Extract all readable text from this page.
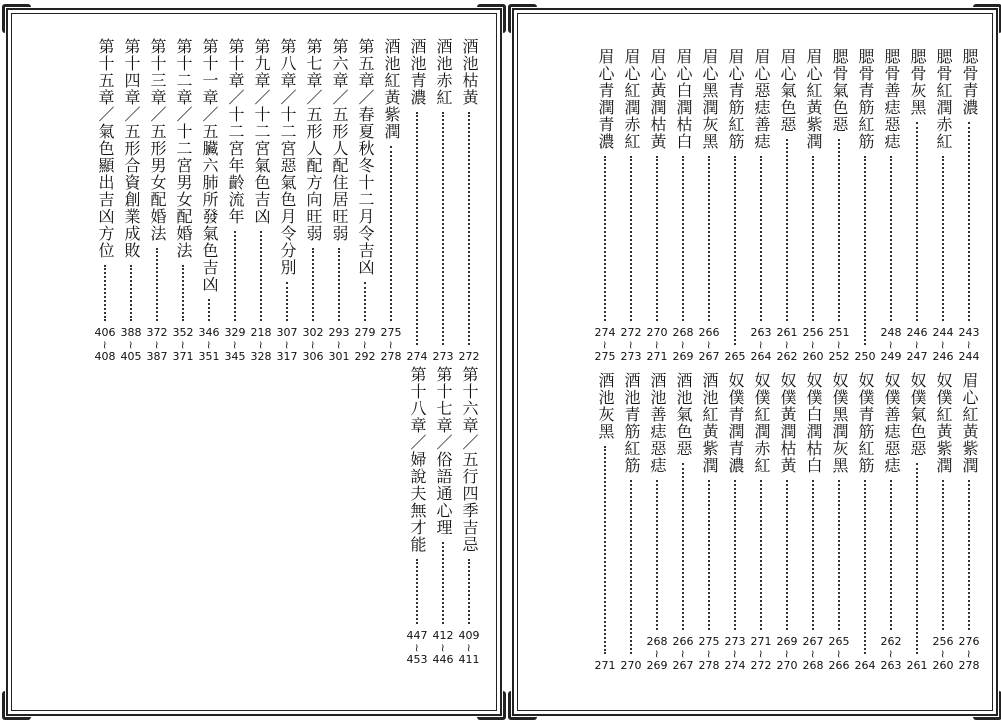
酒池枯黃
272
酒池赤紅
273
酒池青濃
274
酒池紅黃紫潤
275
~
278
第五章／春夏秋冬十二月令吉凶
279
~
292
第六章／五形人配住居旺弱
293
~
301
第七章／五形人配方向旺弱
302
~
306
第八章／十二宮惡氣色月令分別
307
~
317
第九章／十二宮氣色吉凶
218
~
328
第十章／十二宮年齡流年
329
~
345
第十一章／五臟六肺所發氣色吉凶
346
~
351
第十二章／十二宮男女配婚法
352
~
371
第十三章／五形男女配婚法
372
~
387
第十四章／五形合資創業成敗
388
~
405
第十五章／氣色顯出吉凶方位
406
~
408
第十六章／五行四季吉忌
409
~
411
第十七章／俗語通心理
412
~
446
第十八章／婦說夫無才能
447
~
453
腮骨青濃
243
~
244
腮骨紅潤赤紅
244
~
246
腮骨灰黑
246
~
247
腮骨善痣惡痣
248
~
249
腮骨青筋紅筋
250
腮骨氣色惡
251
~
252
眉心紅黃紫潤
256
~
260
眉心氣色惡
261
~
262
眉心惡痣善痣
263
~
264
眉心青筋紅筋
265
眉心黑潤灰黑
266
~
267
眉心白潤枯白
268
~
269
眉心黃潤枯黃
270
~
271
眉心紅潤赤紅
272
~
273
眉心青潤青濃
274
~
275
眉心紅黃紫潤
276
~
278
奴僕紅黃紫潤
256
~
260
奴僕氣色惡
261
奴僕善痣惡痣
262
~
263
奴僕青筋紅筋
264
奴僕黑潤灰黑
265
~
266
奴僕白潤枯白
267
~
268
奴僕黃潤枯黃
269
~
270
奴僕紅潤赤紅
271
~
272
奴僕青潤青濃
273
~
274
酒池紅黃紫潤
275
~
278
酒池氣色惡
266
~
267
酒池善痣惡痣
268
~
269
酒池青筋紅筋
270
酒池灰黑
271
